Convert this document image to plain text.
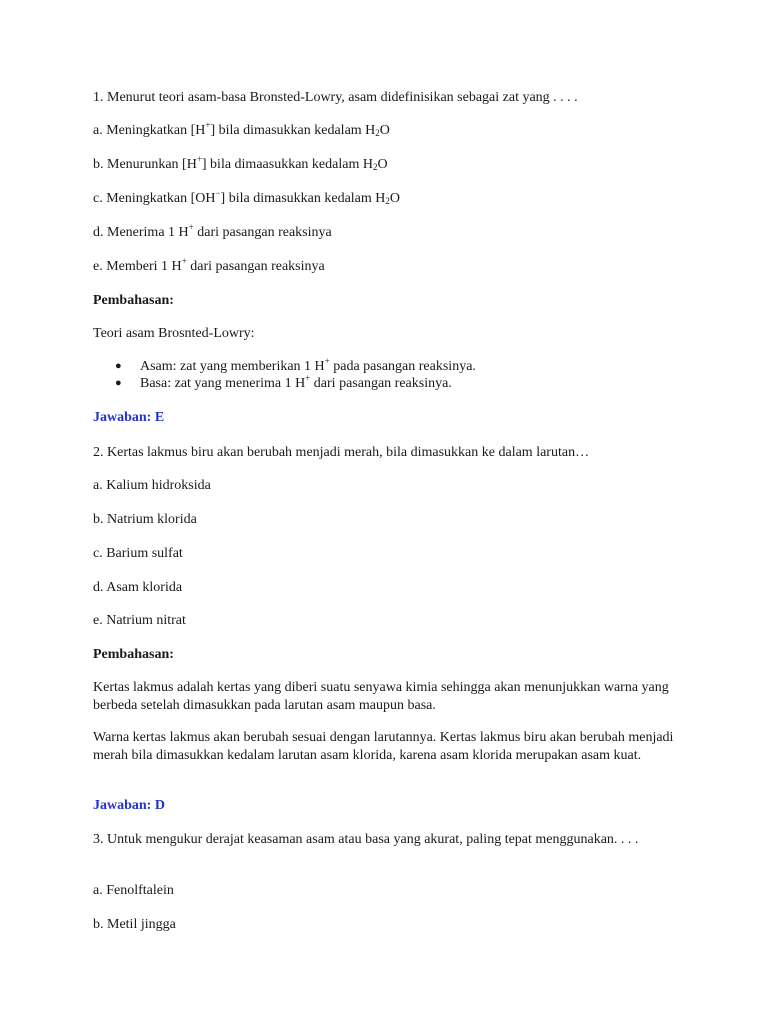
1. Menurut teori asam-basa Bronsted-Lowry, asam didefinisikan sebagai zat yang . . . .
a. Meningkatkan [H+] bila dimasukkan kedalam $H_2O$
b. Menurunkan [H+] bila dimaasukkan kedalam $H_2O$
c. Meningkatkan [OH−] bila dimasukkan kedalam $H_2O$
d. Menerima 1 H+ dari pasangan reaksinya
e. Memberi 1 H+ dari pasangan reaksinya
Pembahasan:
Teori asam Brosnted-Lowry:
● Asam: zat yang memberikan 1 H+ pada pasangan reaksinya.
● Basa: zat yang menerima 1 H+ dari pasangan reaksinya.
Jawaban: E
2. Kertas lakmus biru akan berubah menjadi merah, bila dimasukkan ke dalam larutan…
a. Kalium hidroksida
b. Natrium klorida
c. Barium sulfat
d. Asam klorida
e. Natrium nitrat
Pembahasan:
Kertas lakmus adalah kertas yang diberi suatu senyawa kimia sehingga akan menunjukkan warna yang berbeda setelah dimasukkan pada larutan asam maupun basa.
Warna kertas lakmus akan berubah sesuai dengan larutannya. Kertas lakmus biru akan berubah menjadi merah bila dimasukkan kedalam larutan asam klorida, karena asam klorida merupakan asam kuat.
Jawaban: D
3. Untuk mengukur derajat keasaman asam atau basa yang akurat, paling tepat menggunakan. . . .
a. Fenolftalein
b. Metil jingga
